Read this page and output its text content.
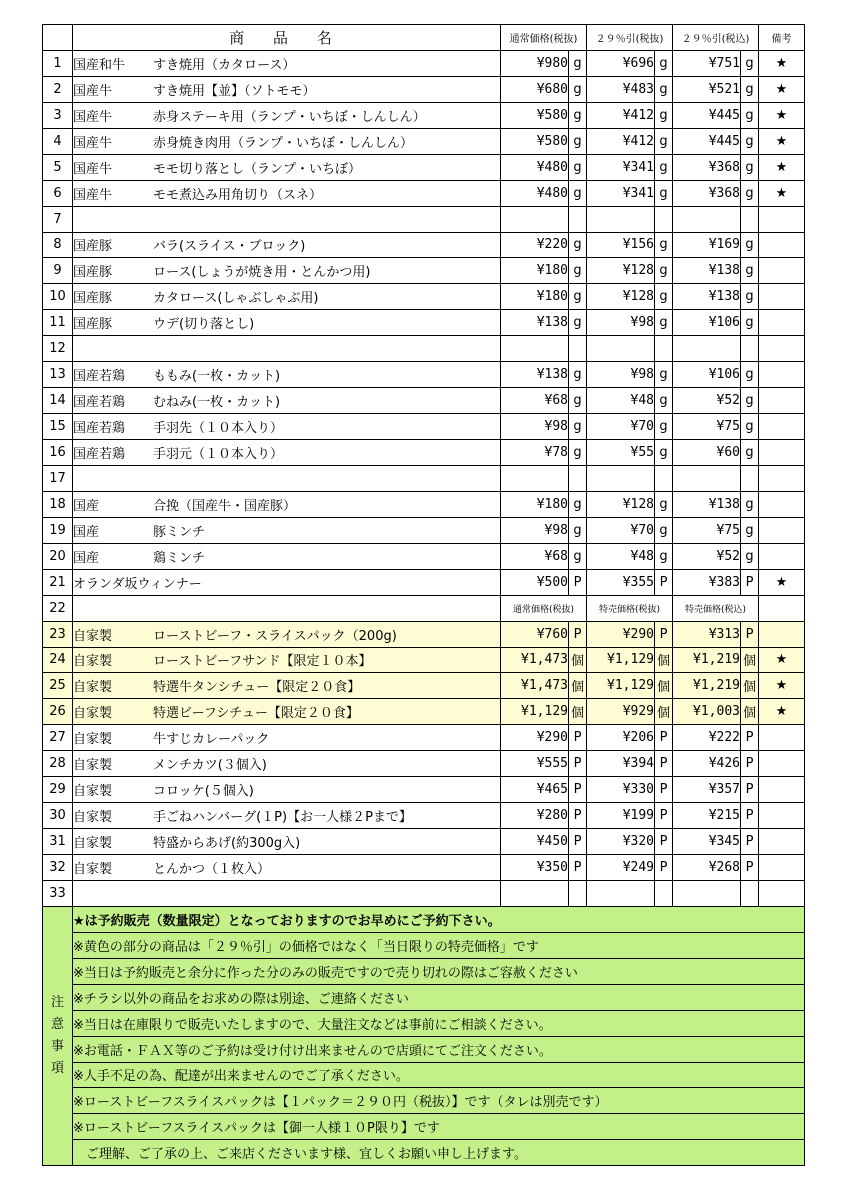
	商 品 名	通常価格(税抜)		２９％引(税抜)		２９％引(税込)		備考
1	国産和牛 すき焼用（カタロース）	¥980	g	¥696	g	¥751	g	★
2	国産牛 すき焼用【並】（ソトモモ）	¥680	g	¥483	g	¥521	g	★
3	国産牛 赤身ステーキ用（ランプ・いちぼ・しんしん）	¥580	g	¥412	g	¥445	g	★
4	国産牛 赤身焼き肉用（ランプ・いちぼ・しんしん）	¥580	g	¥412	g	¥445	g	★
5	国産牛 モモ切り落とし（ランプ・いちぼ）	¥480	g	¥341	g	¥368	g	★
6	国産牛 モモ煮込み用角切り（スネ）	¥480	g	¥341	g	¥368	g	★
7								
8	国産豚 バラ(スライス・ブロック)	¥220	g	¥156	g	¥169	g	
9	国産豚 ロース(しょうが焼き用・とんかつ用)	¥180	g	¥128	g	¥138	g	
10	国産豚 カタロース(しゃぶしゃぶ用)	¥180	g	¥128	g	¥138	g	
11	国産豚 ウデ(切り落とし)	¥138	g	¥98	g	¥106	g	
12								
13	国産若鶏 ももみ(一枚・カット)	¥138	g	¥98	g	¥106	g	
14	国産若鶏 むねみ(一枚・カット)	¥68	g	¥48	g	¥52	g	
15	国産若鶏 手羽先（１０本入り）	¥98	g	¥70	g	¥75	g	
16	国産若鶏 手羽元（１０本入り）	¥78	g	¥55	g	¥60	g	
17								
18	国産 合挽（国産牛・国産豚）	¥180	g	¥128	g	¥138	g	
19	国産 豚ミンチ	¥98	g	¥70	g	¥75	g	
20	国産 鶏ミンチ	¥68	g	¥48	g	¥52	g	
21	オランダ坂ウィンナー	¥500	P	¥355	P	¥383	P	★
22		通常価格(税抜)		特売価格(税抜)		特売価格(税込)		
23	自家製 ローストビーフ・スライスパック（200g)	¥760	P	¥290	P	¥313	P	
24	自家製 ローストビーフサンド【限定１０本】	¥1,473	個	¥1,129	個	¥1,219	個	★
25	自家製 特選牛タンシチュー【限定２０食】	¥1,473	個	¥1,129	個	¥1,219	個	★
26	自家製 特選ビーフシチュー【限定２０食】	¥1,129	個	¥929	個	¥1,003	個	★
27	自家製 牛すじカレーパック	¥290	P	¥206	P	¥222	P	
28	自家製 メンチカツ(３個入)	¥555	P	¥394	P	¥426	P	
29	自家製 コロッケ(５個入)	¥465	P	¥330	P	¥357	P	
30	自家製 手ごねハンバーグ(１P)【お一人様２Pまで】	¥280	P	¥199	P	¥215	P	
31	自家製 特盛からあげ(約300g入)	¥450	P	¥320	P	¥345	P	
32	自家製 とんかつ（１枚入）	¥350	P	¥249	P	¥268	P	
33								

注
意
事
項	★は予約販売（数量限定）となっておりますのでお早めにご予約下さい。							
	※黄色の部分の商品は「２９％引」の価格ではなく「当日限りの特売価格」です							
	※当日は予約販売と余分に作った分のみの販売ですので売り切れの際はご容赦ください							
	※チラシ以外の商品をお求めの際は別途、ご連絡ください							
	※当日は在庫限りで販売いたしますので、大量注文などは事前にご相談ください。							
	※お電話・ＦＡＸ等のご予約は受け付け出来ませんので店頭にてご注文ください。							
	※人手不足の為、配達が出来ませんのでご了承ください。							
	※ローストビーフスライスパックは【１パック＝２９０円（税抜）】です（タレは別売です）							
	※ローストビーフスライスパックは【御一人様１０P限り】です							
	　ご理解、ご了承の上、ご来店くださいます様、宜しくお願い申し上げます。							
